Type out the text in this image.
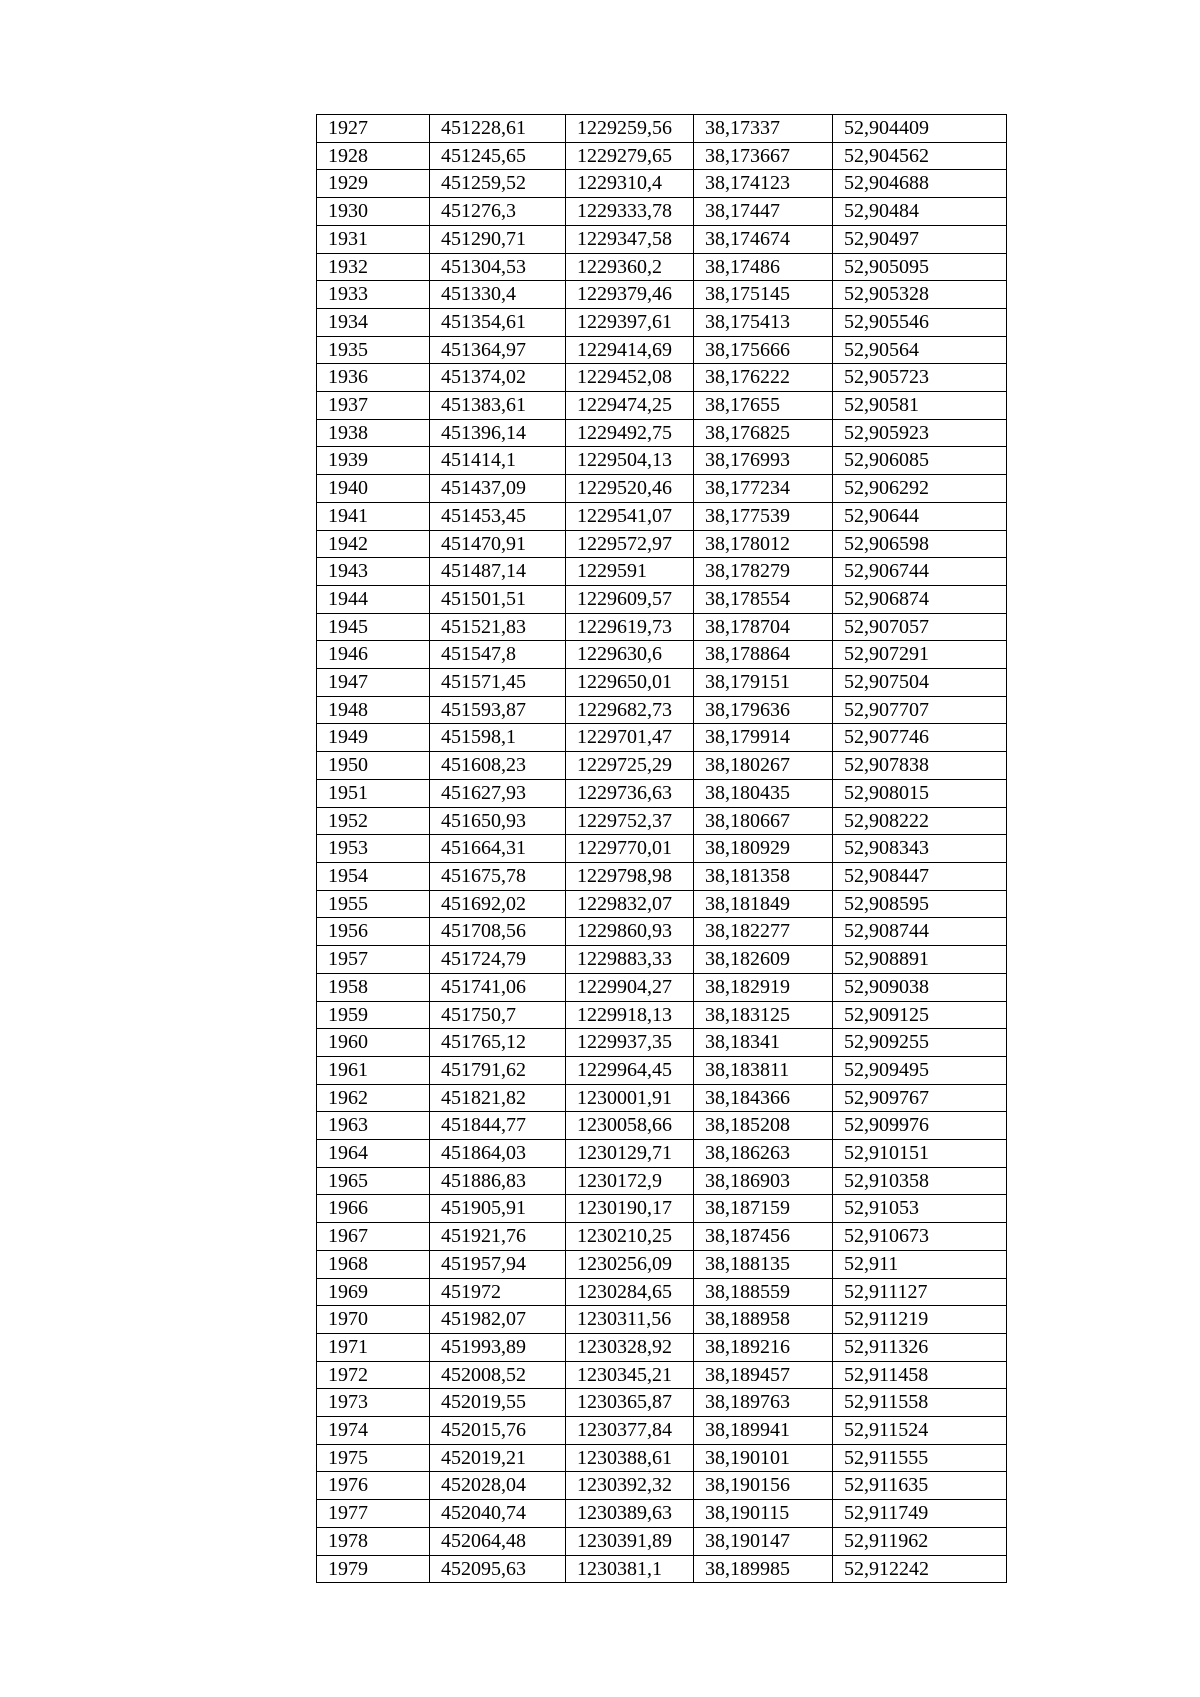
1927	451228,61	1229259,56	38,17337	52,904409
1928	451245,65	1229279,65	38,173667	52,904562
1929	451259,52	1229310,4	38,174123	52,904688
1930	451276,3	1229333,78	38,17447	52,90484
1931	451290,71	1229347,58	38,174674	52,90497
1932	451304,53	1229360,2	38,17486	52,905095
1933	451330,4	1229379,46	38,175145	52,905328
1934	451354,61	1229397,61	38,175413	52,905546
1935	451364,97	1229414,69	38,175666	52,90564
1936	451374,02	1229452,08	38,176222	52,905723
1937	451383,61	1229474,25	38,17655	52,90581
1938	451396,14	1229492,75	38,176825	52,905923
1939	451414,1	1229504,13	38,176993	52,906085
1940	451437,09	1229520,46	38,177234	52,906292
1941	451453,45	1229541,07	38,177539	52,90644
1942	451470,91	1229572,97	38,178012	52,906598
1943	451487,14	1229591	38,178279	52,906744
1944	451501,51	1229609,57	38,178554	52,906874
1945	451521,83	1229619,73	38,178704	52,907057
1946	451547,8	1229630,6	38,178864	52,907291
1947	451571,45	1229650,01	38,179151	52,907504
1948	451593,87	1229682,73	38,179636	52,907707
1949	451598,1	1229701,47	38,179914	52,907746
1950	451608,23	1229725,29	38,180267	52,907838
1951	451627,93	1229736,63	38,180435	52,908015
1952	451650,93	1229752,37	38,180667	52,908222
1953	451664,31	1229770,01	38,180929	52,908343
1954	451675,78	1229798,98	38,181358	52,908447
1955	451692,02	1229832,07	38,181849	52,908595
1956	451708,56	1229860,93	38,182277	52,908744
1957	451724,79	1229883,33	38,182609	52,908891
1958	451741,06	1229904,27	38,182919	52,909038
1959	451750,7	1229918,13	38,183125	52,909125
1960	451765,12	1229937,35	38,18341	52,909255
1961	451791,62	1229964,45	38,183811	52,909495
1962	451821,82	1230001,91	38,184366	52,909767
1963	451844,77	1230058,66	38,185208	52,909976
1964	451864,03	1230129,71	38,186263	52,910151
1965	451886,83	1230172,9	38,186903	52,910358
1966	451905,91	1230190,17	38,187159	52,91053
1967	451921,76	1230210,25	38,187456	52,910673
1968	451957,94	1230256,09	38,188135	52,911
1969	451972	1230284,65	38,188559	52,911127
1970	451982,07	1230311,56	38,188958	52,911219
1971	451993,89	1230328,92	38,189216	52,911326
1972	452008,52	1230345,21	38,189457	52,911458
1973	452019,55	1230365,87	38,189763	52,911558
1974	452015,76	1230377,84	38,189941	52,911524
1975	452019,21	1230388,61	38,190101	52,911555
1976	452028,04	1230392,32	38,190156	52,911635
1977	452040,74	1230389,63	38,190115	52,911749
1978	452064,48	1230391,89	38,190147	52,911962
1979	452095,63	1230381,1	38,189985	52,912242
